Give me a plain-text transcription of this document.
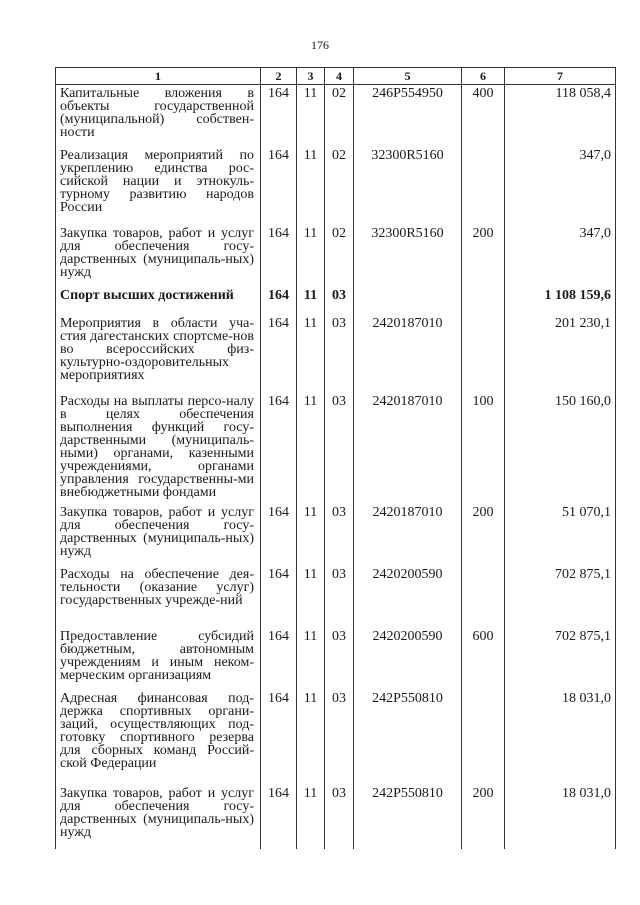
176
1	2	3	4	5	6	7
Капитальные вложения в объекты государственной (муниципальной) собствен-ности	164	11	02	246Р554950	400	118 058,4
Реализация мероприятий по укреплению единства рос-сийской нации и этнокуль-турному развитию народов России	164	11	02	32300R5160		347,0
Закупка товаров, работ и услуг для обеспечения госу-дарственных (муниципаль-ных) нужд	164	11	02	32300R5160	200	347,0
Спорт высших достижений	164	11	03			1 108 159,6
Мероприятия в области уча-стия дагестанских спортсме-нов во всероссийских физ-культурно-оздоровительных мероприятиях	164	11	03	2420187010		201 230,1
Расходы на выплаты персо-налу в целях обеспечения выполнения функций госу-дарственными (муниципаль-ными) органами, казенными учреждениями, органами управления государственны-ми внебюджетными фондами	164	11	03	2420187010	100	150 160,0
Закупка товаров, работ и услуг для обеспечения госу-дарственных (муниципаль-ных) нужд	164	11	03	2420187010	200	51 070,1
Расходы на обеспечение дея-тельности (оказание услуг) государственных учрежде-ний	164	11	03	2420200590		702 875,1
Предоставление субсидий бюджетным, автономным учреждениям и иным неком-мерческим организациям	164	11	03	2420200590	600	702 875,1
Адресная финансовая под-держка спортивных органи-заций, осуществляющих под-готовку спортивного резерва для сборных команд Россий-ской Федерации	164	11	03	242Р550810		18 031,0
Закупка товаров, работ и услуг для обеспечения госу-дарственных (муниципаль-ных) нужд	164	11	03	242Р550810	200	18 031,0
